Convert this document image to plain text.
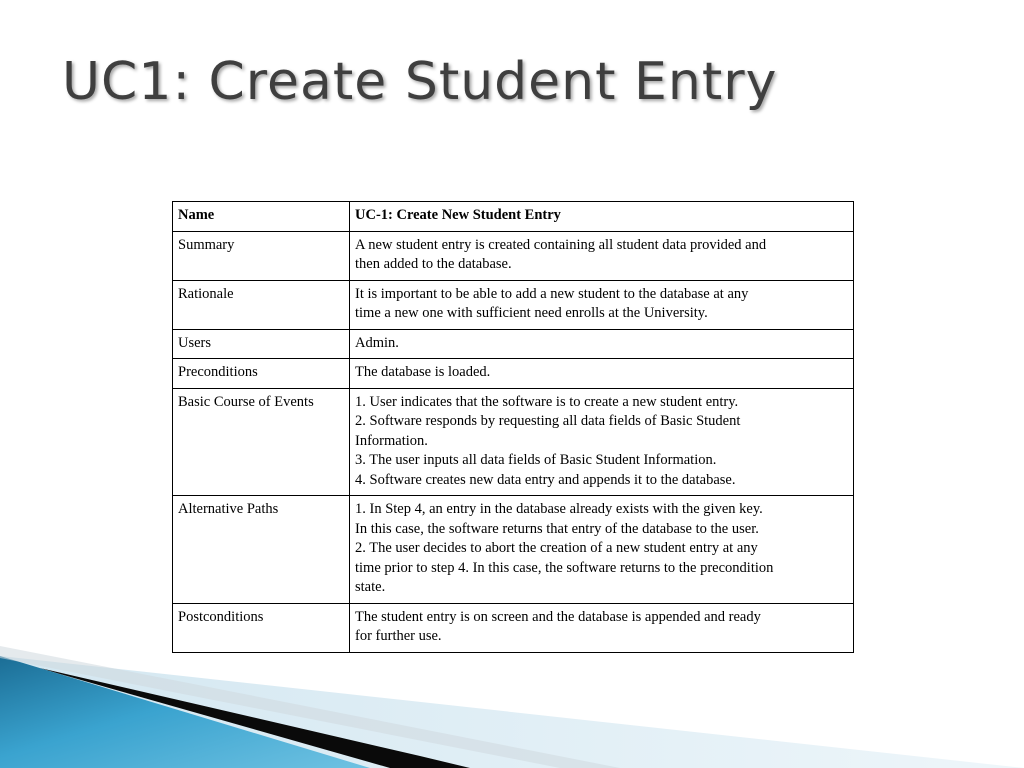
UC1: Create Student Entry
Name	UC-1: Create New Student Entry
Summary	A new student entry is created containing all student data provided and
then added to the database.

Rationale	It is important to be able to add a new student to the database at any
time a new one with sufficient need enrolls at the University.

Users	Admin.

Preconditions	The database is loaded.

Basic Course of Events	1. User indicates that the software is to create a new student entry.
2. Software responds by requesting all data fields of Basic Student
Information.
3. The user inputs all data fields of Basic Student Information.
4. Software creates new data entry and appends it to the database.

Alternative Paths	1. In Step 4, an entry in the database already exists with the given key.
In this case, the software returns that entry of the database to the user.
2. The user decides to abort the creation of a new student entry at any
time prior to step 4. In this case, the software returns to the precondition
state.

Postconditions	The student entry is on screen and the database is appended and ready
for further use.
